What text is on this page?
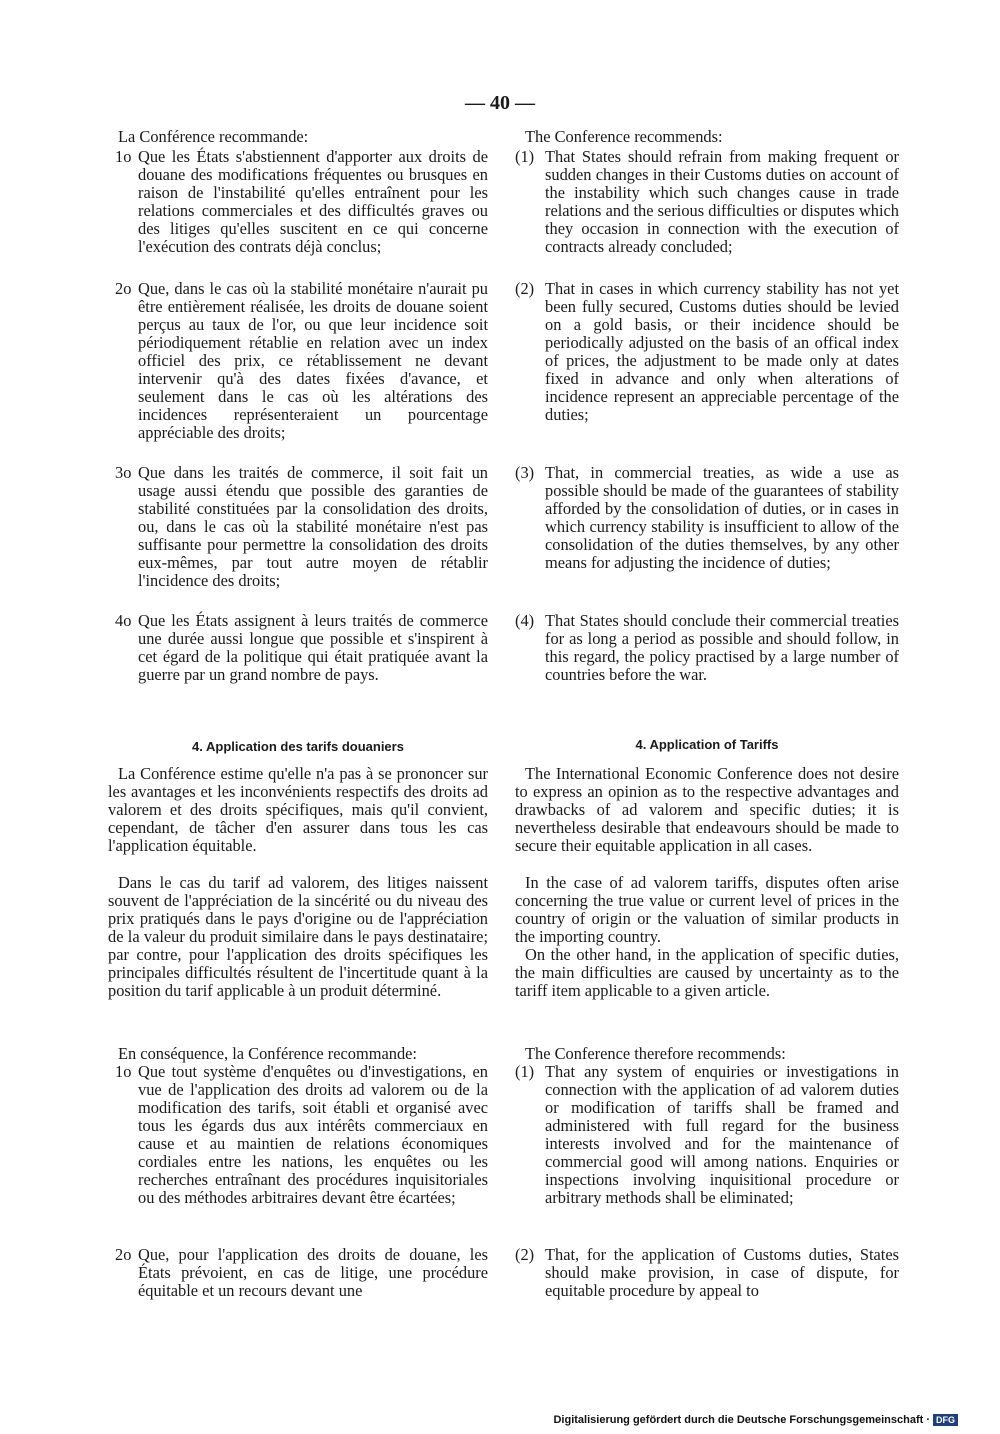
— 40 —

La Conférence recommande:

1o Que les États s'abstiennent d'apporter aux droits de douane des modifications fréquentes ou brusques en raison de l'instabilité qu'elles entraînent pour les relations commerciales et des difficultés graves ou des litiges qu'elles suscitent en ce qui concerne l'exécution des contrats déjà conclus;

2o Que, dans le cas où la stabilité monétaire n'aurait pu être entièrement réalisée, les droits de douane soient perçus au taux de l'or, ou que leur incidence soit périodiquement rétablie en relation avec un index officiel des prix, ce rétablissement ne devant intervenir qu'à des dates fixées d'avance, et seulement dans le cas où les altérations des incidences représenteraient un pourcentage appréciable des droits;

3o Que dans les traités de commerce, il soit fait un usage aussi étendu que possible des garanties de stabilité constituées par la consolidation des droits, ou, dans le cas où la stabilité monétaire n'est pas suffisante pour permettre la consolidation des droits eux-mêmes, par tout autre moyen de rétablir l'incidence des droits;

4o Que les États assignent à leurs traités de commerce une durée aussi longue que possible et s'inspirent à cet égard de la politique qui était pratiquée avant la guerre par un grand nombre de pays.

4. Application des tarifs douaniers

La Conférence estime qu'elle n'a pas à se prononcer sur les avantages et les inconvénients respectifs des droits ad valorem et des droits spécifiques, mais qu'il convient, cependant, de tâcher d'en assurer dans tous les cas l'application équitable.

Dans le cas du tarif ad valorem, des litiges naissent souvent de l'appréciation de la sincérité ou du niveau des prix pratiqués dans le pays d'origine ou de l'appréciation de la valeur du produit similaire dans le pays destinataire; par contre, pour l'application des droits spécifiques les principales difficultés résultent de l'incertitude quant à la position du tarif applicable à un produit déterminé.

En conséquence, la Conférence recommande:

1o Que tout système d'enquêtes ou d'investigations, en vue de l'application des droits ad valorem ou de la modification des tarifs, soit établi et organisé avec tous les égards dus aux intérêts commerciaux en cause et au maintien de relations économiques cordiales entre les nations, les enquêtes ou les recherches entraînant des procédures inquisitoriales ou des méthodes arbitraires devant être écartées;

2o Que, pour l'application des droits de douane, les États prévoient, en cas de litige, une procédure équitable et un recours devant une

The Conference recommends:

(1) That States should refrain from making frequent or sudden changes in their Customs duties on account of the instability which such changes cause in trade relations and the serious difficulties or disputes which they occasion in connection with the execution of contracts already concluded;

(2) That in cases in which currency stability has not yet been fully secured, Customs duties should be levied on a gold basis, or their incidence should be periodically adjusted on the basis of an offical index of prices, the adjustment to be made only at dates fixed in advance and only when alterations of incidence represent an appreciable percentage of the duties;

(3) That, in commercial treaties, as wide a use as possible should be made of the guarantees of stability afforded by the consolidation of duties, or in cases in which currency stability is insufficient to allow of the consolidation of the duties themselves, by any other means for adjusting the incidence of duties;

(4) That States should conclude their commercial treaties for as long a period as possible and should follow, in this regard, the policy practised by a large number of countries before the war.

4. Application of Tariffs

The International Economic Conference does not desire to express an opinion as to the respective advantages and drawbacks of ad valorem and specific duties; it is nevertheless desirable that endeavours should be made to secure their equitable application in all cases.

In the case of ad valorem tariffs, disputes often arise concerning the true value or current level of prices in the country of origin or the valuation of similar products in the importing country.

On the other hand, in the application of specific duties, the main difficulties are caused by uncertainty as to the tariff item applicable to a given article.

The Conference therefore recommends:

(1) That any system of enquiries or investigations in connection with the application of ad valorem duties or modification of tariffs shall be framed and administered with full regard for the business interests involved and for the maintenance of commercial good will among nations. Enquiries or inspections involving inquisitional procedure or arbitrary methods shall be eliminated;

(2) That, for the application of Customs duties, States should make provision, in case of dispute, for equitable procedure by appeal to

Digitalisierung gefördert durch die Deutsche Forschungsgemeinschaft · DFG
